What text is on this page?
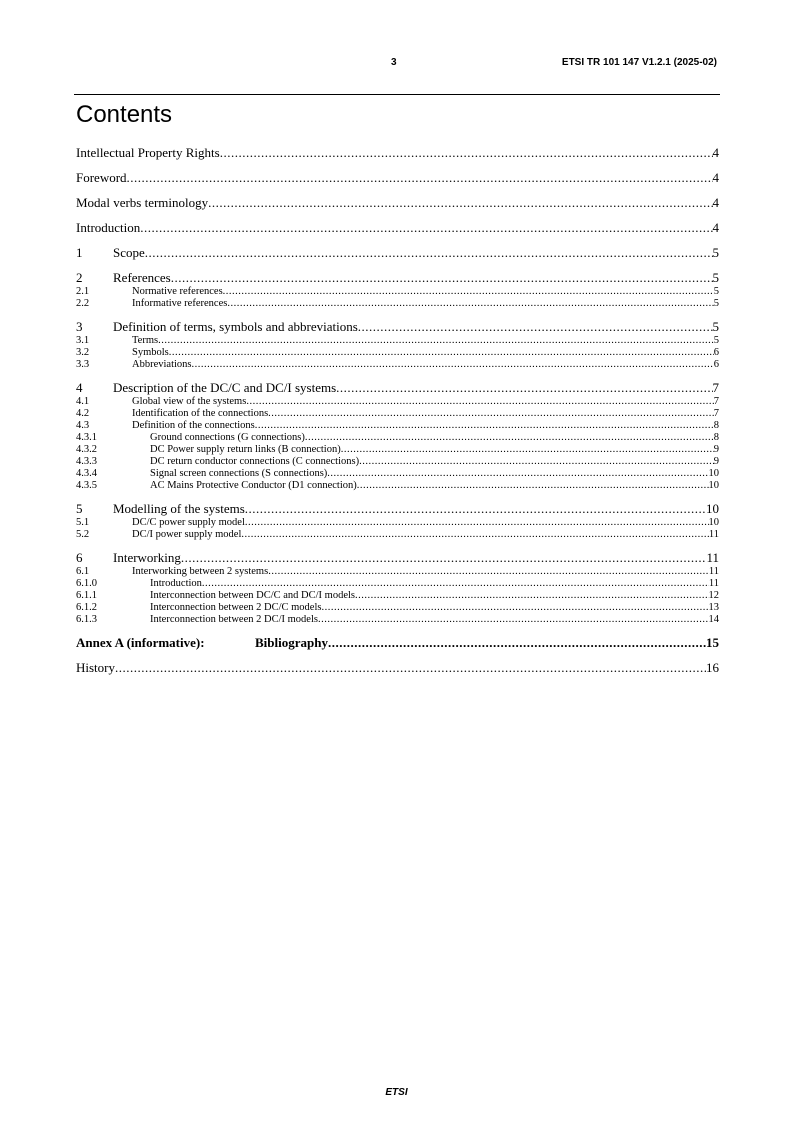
3	ETSI TR 101 147 V1.2.1 (2025-02)
Contents
Intellectual Property Rights .....	4
Foreword .....	4
Modal verbs terminology .....	4
Introduction .....	4
1	Scope .....	5
2	References .....	5
2.1	Normative references .....	5
2.2	Informative references .....	5
3	Definition of terms, symbols and abbreviations .....	5
3.1	Terms .....	5
3.2	Symbols .....	6
3.3	Abbreviations .....	6
4	Description of the DC/C and DC/I systems .....	7
4.1	Global view of the systems .....	7
4.2	Identification of the connections .....	7
4.3	Definition of the connections .....	8
4.3.1	Ground connections (G connections) .....	8
4.3.2	DC Power supply return links (B connection) .....	9
4.3.3	DC return conductor connections (C connections) .....	9
4.3.4	Signal screen connections (S connections) .....	10
4.3.5	AC Mains Protective Conductor (D1 connection) .....	10
5	Modelling of the systems .....	10
5.1	DC/C power supply model .....	10
5.2	DC/I power supply model .....	11
6	Interworking .....	11
6.1	Interworking between 2 systems .....	11
6.1.0	Introduction .....	11
6.1.1	Interconnection between DC/C and DC/I models .....	12
6.1.2	Interconnection between 2 DC/C models .....	13
6.1.3	Interconnection between 2 DC/I models .....	14
Annex A (informative):	Bibliography .....	15
History .....	16
ETSI
